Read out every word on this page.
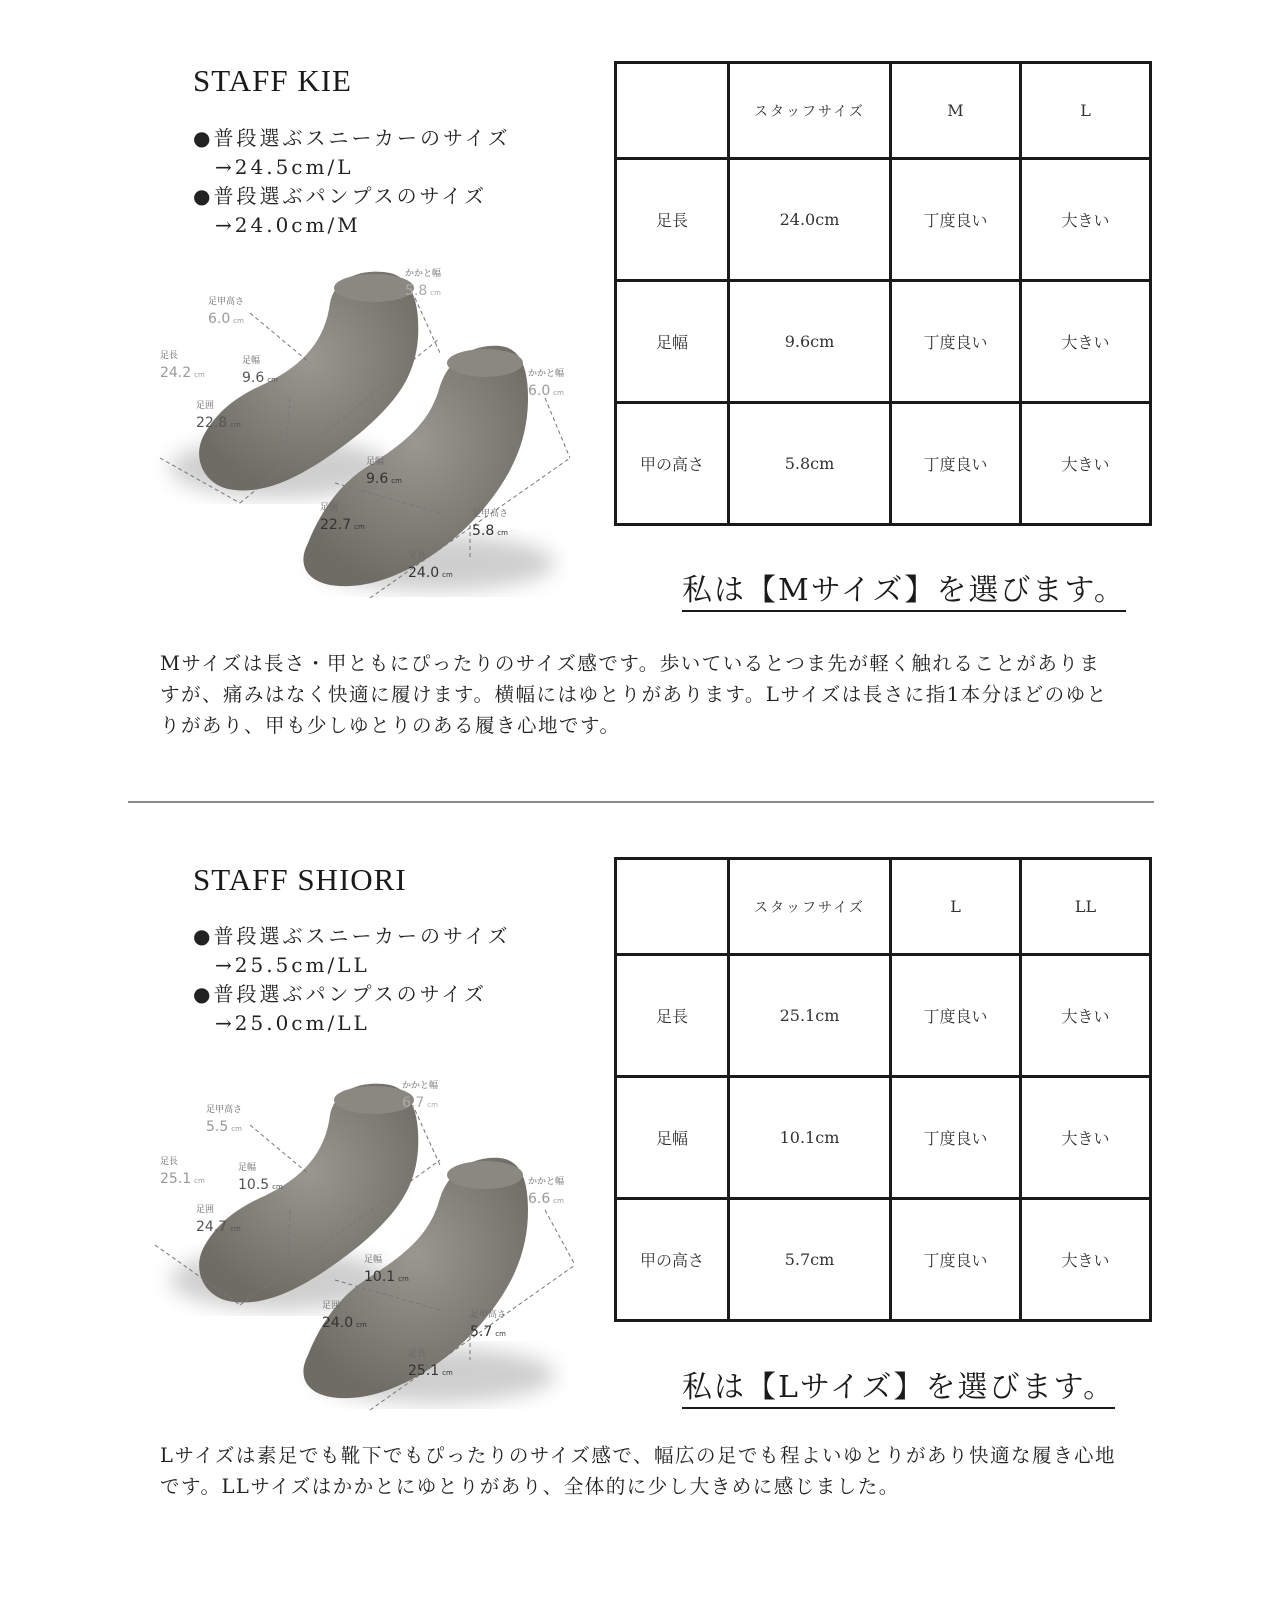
STAFF KIE
●普段選ぶスニーカーのサイズ
→24.5cm/L
●普段選ぶパンプスのサイズ
→24.0cm/M
かかと幅
5.8 cm
足甲高さ
6.0 cm
足長
24.2 cm
足幅
9.6 cm
足囲
22.8 cm
かかと幅
6.0 cm
足幅
9.6 cm
足囲
22.7 cm
足甲高さ
5.8 cm
足長
24.0 cm
	スタッフサイズ	M	L
足長	24.0cm	丁度良い	大きい
足幅	9.6cm	丁度良い	大きい
甲の高さ	5.8cm	丁度良い	大きい
私は【Mサイズ】を選びます。
Mサイズは長さ・甲ともにぴったりのサイズ感です。歩いているとつま先が軽く触れることがありますが、痛みはなく快適に履けます。横幅にはゆとりがあります。Lサイズは長さに指1本分ほどのゆとりがあり、甲も少しゆとりのある履き心地です。
STAFF SHIORI
●普段選ぶスニーカーのサイズ
→25.5cm/LL
●普段選ぶパンプスのサイズ
→25.0cm/LL
かかと幅
6.7 cm
足甲高さ
5.5 cm
足長
25.1 cm
足幅
10.5 cm
足囲
24.7 cm
かかと幅
6.6 cm
足幅
10.1 cm
足囲
24.0 cm
足甲高さ
5.7 cm
足長
25.1 cm
	スタッフサイズ	L	LL
足長	25.1cm	丁度良い	大きい
足幅	10.1cm	丁度良い	大きい
甲の高さ	5.7cm	丁度良い	大きい
私は【Lサイズ】を選びます。
Lサイズは素足でも靴下でもぴったりのサイズ感で、幅広の足でも程よいゆとりがあり快適な履き心地です。LLサイズはかかとにゆとりがあり、全体的に少し大きめに感じました。
